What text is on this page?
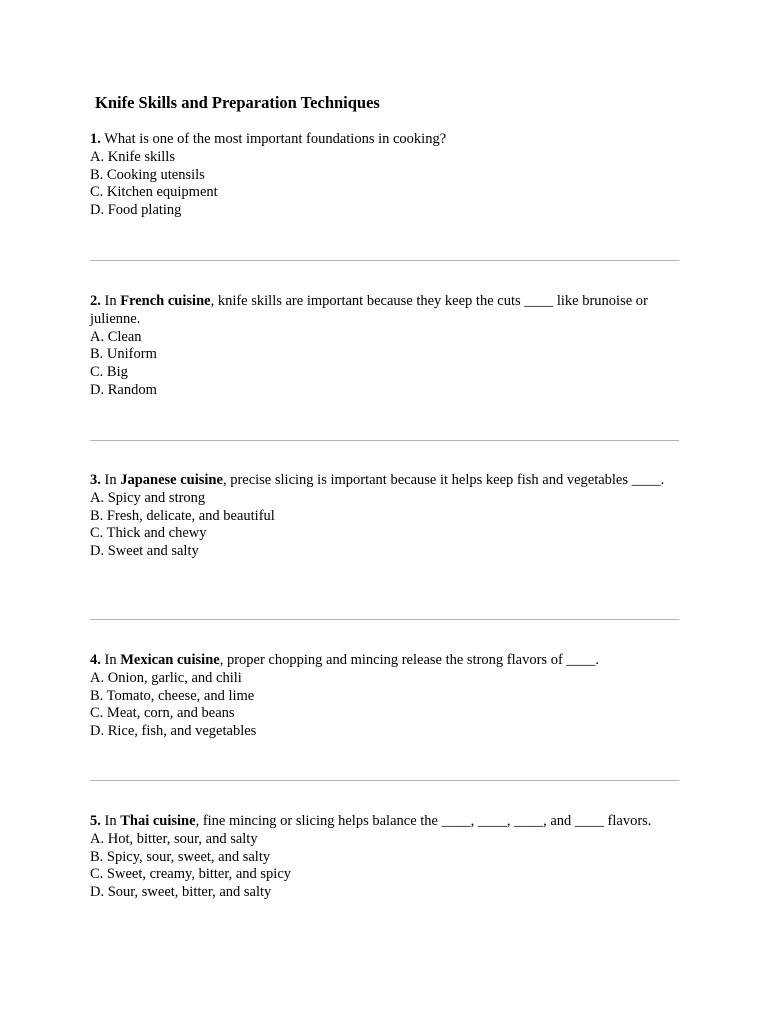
Knife Skills and Preparation Techniques

1. What is one of the most important foundations in cooking?

A. Knife skills
B. Cooking utensils
C. Kitchen equipment
D. Food plating

2. In French cuisine, knife skills are important because they keep the cuts ____ like brunoise or julienne.

A. Clean
B. Uniform
C. Big
D. Random

3. In Japanese cuisine, precise slicing is important because it helps keep fish and vegetables ____.

A. Spicy and strong
B. Fresh, delicate, and beautiful
C. Thick and chewy
D. Sweet and salty

4. In Mexican cuisine, proper chopping and mincing release the strong flavors of ____.

A. Onion, garlic, and chili
B. Tomato, cheese, and lime
C. Meat, corn, and beans
D. Rice, fish, and vegetables

5. In Thai cuisine, fine mincing or slicing helps balance the ____, ____, ____, and ____ flavors.

A. Hot, bitter, sour, and salty
B. Spicy, sour, sweet, and salty
C. Sweet, creamy, bitter, and spicy
D. Sour, sweet, bitter, and salty
